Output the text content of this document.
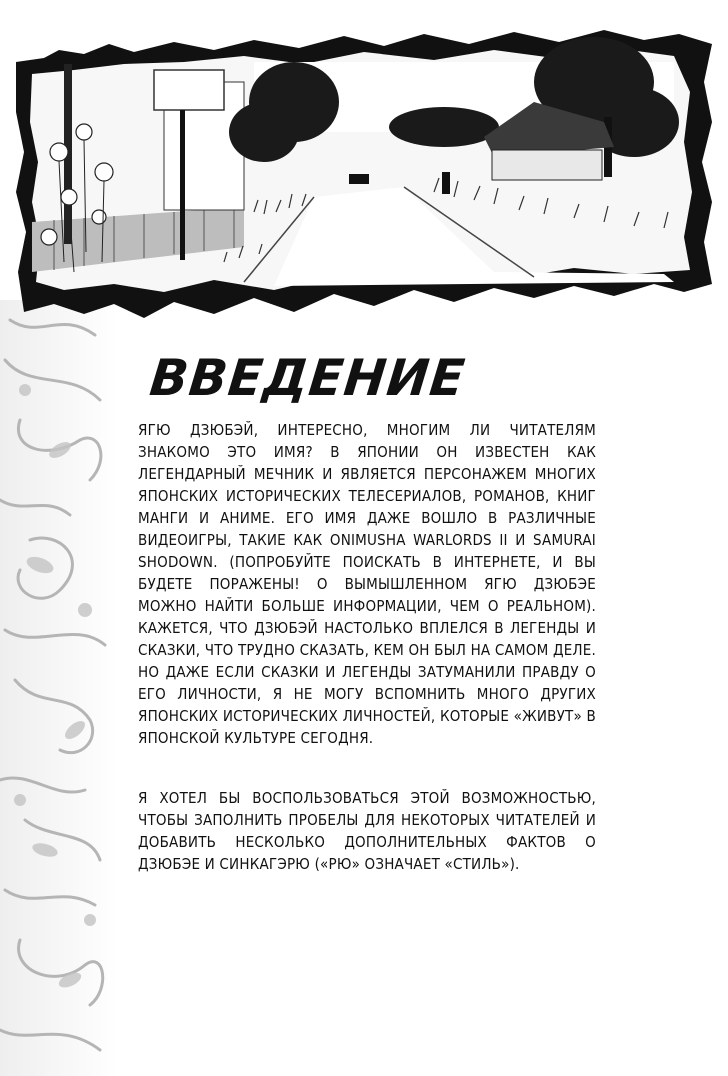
ВВЕДЕНИЕ

ЯГЮ ДЗЮБЭЙ, ИНТЕРЕСНО, МНОГИМ ЛИ ЧИТАТЕЛЯМ ЗНАКОМО ЭТО ИМЯ? В ЯПОНИИ ОН ИЗВЕСТЕН КАК ЛЕГЕНДАРНЫЙ МЕЧНИК И ЯВЛЯЕТСЯ ПЕРСОНАЖЕМ МНОГИХ ЯПОНСКИХ ИСТОРИЧЕСКИХ ТЕЛЕСЕРИАЛОВ, РОМАНОВ, КНИГ МАНГИ И АНИМЕ. ЕГО ИМЯ ДАЖЕ ВОШЛО В РАЗЛИЧНЫЕ ВИДЕОИГРЫ, ТАКИЕ КАК ONIMUSHA WARLORDS II И SAMURAI SHODOWN. (ПОПРОБУЙТЕ ПОИСКАТЬ В ИНТЕРНЕТЕ, И ВЫ БУДЕТЕ ПОРАЖЕНЫ! О ВЫМЫШЛЕННОМ ЯГЮ ДЗЮБЭЕ МОЖНО НАЙТИ БОЛЬШЕ ИНФОРМАЦИИ, ЧЕМ О РЕАЛЬНОМ). КАЖЕТСЯ, ЧТО ДЗЮБЭЙ НАСТОЛЬКО ВПЛЕЛСЯ В ЛЕГЕНДЫ И СКАЗКИ, ЧТО ТРУДНО СКАЗАТЬ, КЕМ ОН БЫЛ НА САМОМ ДЕЛЕ. НО ДАЖЕ ЕСЛИ СКАЗКИ И ЛЕГЕНДЫ ЗАТУМАНИЛИ ПРАВДУ О ЕГО ЛИЧНОСТИ, Я НЕ МОГУ ВСПОМНИТЬ МНОГО ДРУГИХ ЯПОНСКИХ ИСТОРИЧЕСКИХ ЛИЧНОСТЕЙ, КОТОРЫЕ «ЖИВУТ» В ЯПОНСКОЙ КУЛЬТУРЕ СЕГОДНЯ.

Я ХОТЕЛ БЫ ВОСПОЛЬЗОВАТЬСЯ ЭТОЙ ВОЗМОЖНОСТЬЮ, ЧТОБЫ ЗАПОЛНИТЬ ПРОБЕЛЫ ДЛЯ НЕКОТОРЫХ ЧИТАТЕЛЕЙ И ДОБАВИТЬ НЕСКОЛЬКО ДОПОЛНИТЕЛЬНЫХ ФАКТОВ О ДЗЮБЭЕ И СИНКАГЭРЮ («РЮ» ОЗНАЧАЕТ «СТИЛЬ»).
